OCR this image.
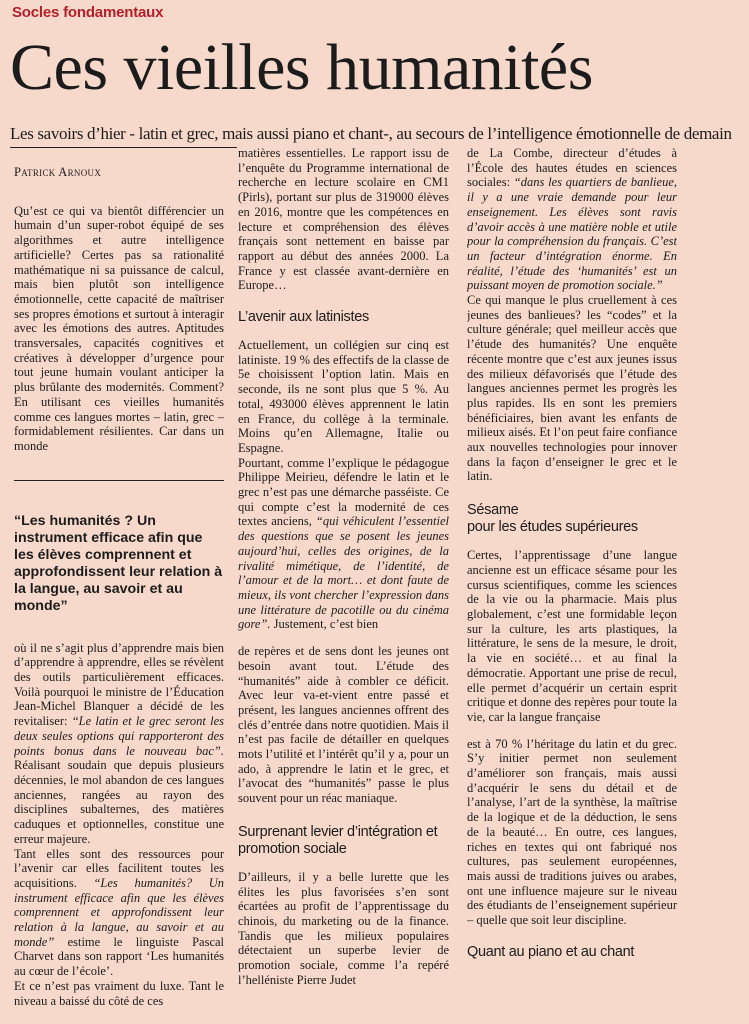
Socles fondamentaux
Ces vieilles humanités
Les savoirs d’hier - latin et grec, mais aussi piano et chant-, au secours de l’intelligence émotionnelle de demain

Patrick Arnoux

Qu’est ce qui va bientôt différencier un humain d’un super-robot équipé de ses algorithmes et autre intelligence artificielle? Certes pas sa rationalité mathématique ni sa puissance de calcul, mais bien plutôt son intelligence émotionnelle, cette capacité de maîtriser ses propres émotions et surtout à interagir avec les émotions des autres. Aptitudes transversales, capacités cognitives et créatives à développer d’urgence pour tout jeune humain voulant anticiper la plus brûlante des modernités. Comment? En utilisant ces vieilles humanités comme ces langues mortes – latin, grec – formidablement résilientes. Car dans un monde

“Les humanités ? Un instrument efficace afin que les élèves comprennent et approfondissent leur relation à la langue, au savoir et au monde”

où il ne s’agit plus d’apprendre mais bien d’apprendre à apprendre, elles se révèlent des outils particulièrement efficaces. Voilà pourquoi le ministre de l’Éducation Jean-Michel Blanquer a décidé de les revitaliser: “Le latin et le grec seront les deux seules options qui rapporteront des points bonus dans le nouveau bac”. Réalisant soudain que depuis plusieurs décennies, le mol abandon de ces langues anciennes, rangées au rayon des disciplines subalternes, des matières caduques et optionnelles, constitue une erreur majeure.

Tant elles sont des ressources pour l’avenir car elles facilitent toutes les acquisitions. “Les humanités? Un instrument efficace afin que les élèves comprennent et approfondissent leur relation à la langue, au savoir et au monde” estime le linguiste Pascal Charvet dans son rapport ‘Les humanités au cœur de l’école’.

Et ce n’est pas vraiment du luxe. Tant le niveau a baissé du côté de ces

matières essentielles. Le rapport issu de l’enquête du Programme international de recherche en lecture scolaire en CM1 (Pirls), portant sur plus de 319000 élèves en 2016, montre que les compétences en lecture et compréhension des élèves français sont nettement en baisse par rapport au début des années 2000. La France y est classée avant-dernière en Europe…

L’avenir aux latinistes

Actuellement, un collégien sur cinq est latiniste. 19 % des effectifs de la classe de 5e choisissent l’option latin. Mais en seconde, ils ne sont plus que 5 %. Au total, 493000 élèves apprennent le latin en France, du collège à la terminale. Moins qu’en Allemagne, Italie ou Espagne.

Pourtant, comme l’explique le pédagogue Philippe Meirieu, défendre le latin et le grec n’est pas une démarche passéiste. Ce qui compte c’est la modernité de ces textes anciens, “qui véhiculent l’essentiel des questions que se posent les jeunes aujourd’hui, celles des origines, de la rivalité mimétique, de l’identité, de l’amour et de la mort… et dont faute de mieux, ils vont chercher l’expression dans une littérature de pacotille ou du cinéma gore”. Justement, c’est bien

de repères et de sens dont les jeunes ont besoin avant tout. L’étude des “humanités” aide à combler ce déficit. Avec leur va-et-vient entre passé et présent, les langues anciennes offrent des clés d’entrée dans notre quotidien. Mais il n’est pas facile de détailler en quelques mots l’utilité et l’intérêt qu’il y a, pour un ado, à apprendre le latin et le grec, et l’avocat des “humanités” passe le plus souvent pour un réac maniaque.

Surprenant levier d’intégration et promotion sociale

D’ailleurs, il y a belle lurette que les élites les plus favorisées s’en sont écartées au profit de l’apprentissage du chinois, du marketing ou de la finance. Tandis que les milieux populaires détectaient un superbe levier de promotion sociale, comme l’a repéré l’helléniste Pierre Judet

de La Combe, directeur d’études à l’École des hautes études en sciences sociales: “dans les quartiers de banlieue, il y a une vraie demande pour leur enseignement. Les élèves sont ravis d’avoir accès à une matière noble et utile pour la compréhension du français. C’est un facteur d’intégration énorme. En réalité, l’étude des ‘humanités’ est un puissant moyen de promotion sociale.”

Ce qui manque le plus cruellement à ces jeunes des banlieues? les “codes” et la culture générale; quel meilleur accès que l’étude des humanités? Une enquête récente montre que c’est aux jeunes issus des milieux défavorisés que l’étude des langues anciennes permet les progrès les plus rapides. Ils en sont les premiers bénéficiaires, bien avant les enfants de milieux aisés. Et l’on peut faire confiance aux nouvelles technologies pour innover dans la façon d’enseigner le grec et le latin.

Sésame
pour les études supérieures

Certes, l’apprentissage d’une langue ancienne est un efficace sésame pour les cursus scientifiques, comme les sciences de la vie ou la pharmacie. Mais plus globalement, c’est une formidable leçon sur la culture, les arts plastiques, la littérature, le sens de la mesure, le droit, la vie en société… et au final la démocratie. Apportant une prise de recul, elle permet d’acquérir un certain esprit critique et donne des repères pour toute la vie, car la langue française

est à 70 % l’héritage du latin et du grec. S’y initier permet non seulement d’améliorer son français, mais aussi d’acquérir le sens du détail et de l’analyse, l’art de la synthèse, la maîtrise de la logique et de la déduction, le sens de la beauté… En outre, ces langues, riches en textes qui ont fabriqué nos cultures, pas seulement européennes, mais aussi de traditions juives ou arabes, ont une influence majeure sur le niveau des étudiants de l’enseignement supérieur – quelle que soit leur discipline.

Quant au piano et au chant
